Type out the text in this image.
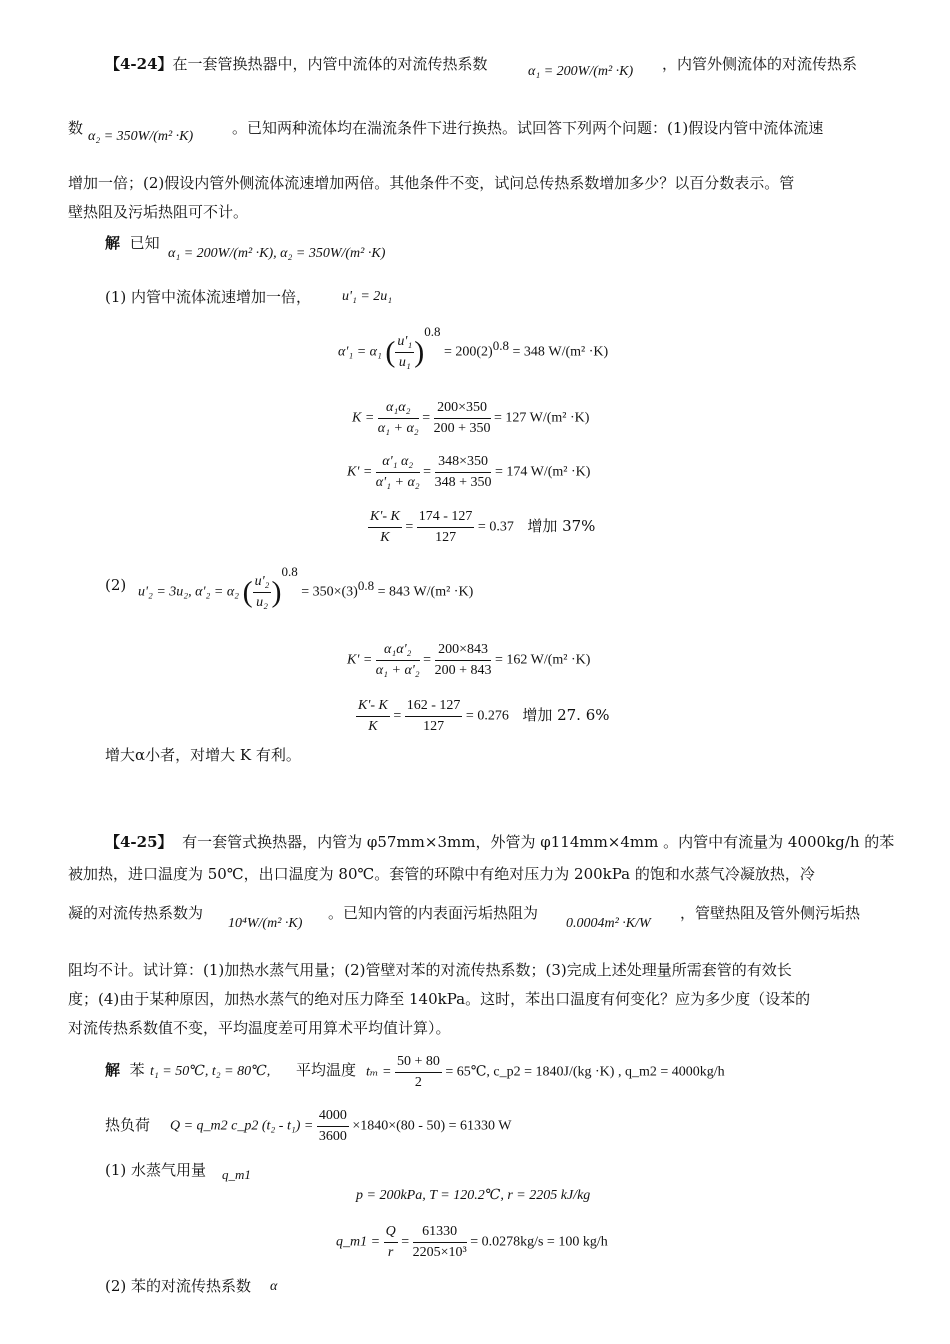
【4-24】在一套管换热器中，内管中流体的对流传热系数	α₁ = 200W/(m² ·K) ，内管外侧流体的对流传热系
数 α₂ = 350W/(m² ·K)	。已知两种流体均在湍流条件下进行换热。试回答下列两个问题：(1)假设内管中流体流速
增加一倍；(2)假设内管外侧流体流速增加两倍。其他条件不变，试问总传热系数增加多少？以百分数表示。管
壁热阻及污垢热阻可不计。
解 已知
α₁ = 200W/(m² ·K), α₂ = 350W/(m² ·K)
(1) 内管中流体流速增加一倍， u'₁ = 2u₁
α'₁ = α₁ ( $\frac{\text{u'₁}}{\text{u₁}} )^{0.8} = 200(2)^{0.8} = 348$ W/(m² ·K)
$K = \frac{\text{α₁α₂}}{\text{α₁ + α₂}} = \frac{200\times 350}{200 + 350} = 127$ W/(m² ·K)
$K' = \frac{\text{α'₁ α₂}}{\text{α'₁ + α₂}} = \frac{348\times 350}{348 + 350} = 174$ W/(m² ·K)
$\frac{K'- K}{K} = \frac{174 - 127}{127} = 0.37$ 增加 37%
(2) u'₂ = 3u₂, α'₂ = α₂ ( $\frac{\text{u'₂}}{\text{u₂}} )^{0.8} = 350\times(3)^{0.8} = 843$ W/(m² ·K)
$K' = \frac{\text{α₁α'₂}}{\text{α₁ + α'₂}} = \frac{200\times 843}{200 + 843} = 162$ W/(m² ·K)
$\frac{K'- K}{K} = \frac{162 - 127}{127} = 0.276$ 增加 27. 6%
增大α小者，对增大 K 有利。
【4-25】 有一套管式换热器，内管为 φ57mm×3mm，外管为 φ114mm×4mm 。内管中有流量为 4000kg/h 的苯
被加热，进口温度为 50℃，出口温度为 80℃。套管的环隙中有绝对压力为 200kPa 的饱和水蒸气冷凝放热，冷
凝的对流传热系数为
10⁴W/(m² ·K)
。已知内管的内表面污垢热阻为
0.0004m² ·K/W
，管壁热阻及管外侧污垢热
阻均不计。试计算：(1)加热水蒸气用量；(2)管壁对苯的对流传热系数；(3)完成上述处理量所需套管的有效长
度；(4)由于某种原因，加热水蒸气的绝对压力降至 140kPa。这时，苯出口温度有何变化？应为多少度（设苯的
对流传热系数值不变，平均温度差可用算术平均值计算）。
解 苯 t₁ = 50℃, t₂ = 80℃, 平均温度 $t_m = \frac{50 + 80}{2}$ = 65℃, c_p2 = 1840J/(kg ·K) , q_m2 = 4000kg/h
热负荷 Q = q_m2 c_p2 $(t_2 - t_1) = \frac{4000}{3600} \times 1840\times(80 - 50) = 61330$ W
(1) 水蒸气用量 q_m1
p = 200kPa, T = 120.2℃, r = 2205 kJ/kg
q_m1 = $\frac{Q}{r} = \frac{61330}{\text{2205×10³}} = 0.0278kg/s = 100$ kg/h
(2) 苯的对流传热系数 α
